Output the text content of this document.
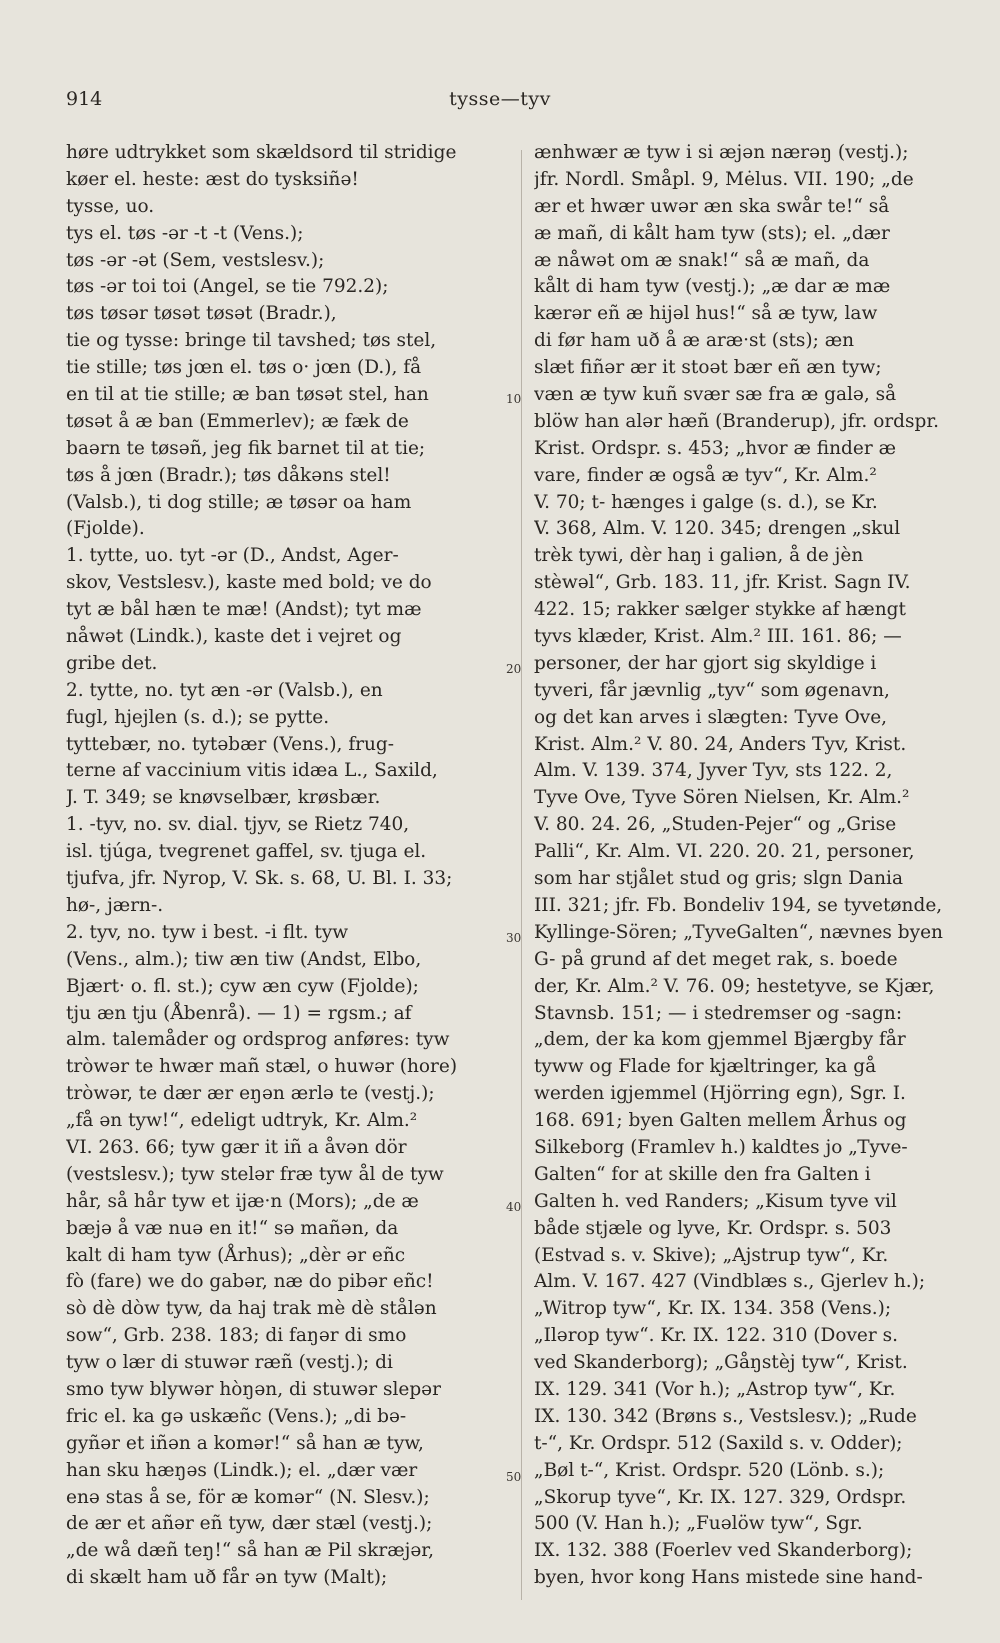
914	tysse—tyv
10
20
30
40
50
høre udtrykket som skældsord til stridige
køer el. heste: æst do tysksiñə!
tysse, uo.
tys el. tøs -ər -t -t (Vens.);
tøs -ər -ət (Sem, vestslesv.);
tøs -ər toi toi (Angel, se tie 792.2);
tøs tøsər tøsət tøsət (Bradr.),
tie og tysse: bringe til tavshed; tøs stel,
tie stille; tøs jœn el. tøs o· jœn (D.), få
en til at tie stille; æ ban tøsət stel, han
tøsət å æ ban (Emmerlev); æ fæk de
baərn te tøsəñ, jeg fik barnet til at tie;
tøs å jœn (Bradr.); tøs dåkəns stel!
(Valsb.), ti dog stille; æ tøsər oa ham
(Fjolde).
1. tytte, uo. tyt -ər (D., Andst, Ager-
skov, Vestslesv.), kaste med bold; ve do
tyt æ bål hæn te mæ! (Andst); tyt mæ
nåwət (Lindk.), kaste det i vejret og
gribe det.
2. tytte, no. tyt æn -ər (Valsb.), en
fugl, hjejlen (s. d.); se pytte.
tyttebær, no. tytəbær (Vens.), frug-
terne af vaccinium vitis idæa L., Saxild,
J. T. 349; se knøvselbær, krøsbær.
1. -tyv, no. sv. dial. tjyv, se Rietz 740,
isl. tjúga, tvegrenet gaffel, sv. tjuga el.
tjufva, jfr. Nyrop, V. Sk. s. 68, U. Bl. I. 33;
hø-, jærn-.
2. tyv, no. tyw i best. -i flt. tyw
(Vens., alm.); tiw æn tiw (Andst, Elbo,
Bjært· o. fl. st.); cyw æn cyw (Fjolde);
tju æn tju (Åbenrå). — 1) = rgsm.; af
alm. talemåder og ordsprog anføres: tyw
tròwər te hwær mañ stæl, o huwər (hore)
tròwər, te dær ær eŋən ærlə te (vestj.);
„få ən tyw!“, edeligt udtryk, Kr. Alm.²
VI. 263. 66; tyw gær it iñ a åvən dör
(vestslesv.); tyw stelər fræ tyw ål de tyw
hår, så hår tyw et ijæ·n (Mors); „de æ
bæjə å væ nuə en it!“ sə mañən, da
kalt di ham tyw (Århus); „dèr ər eñc
fò (fare) we do gabər, næ do pibər eñc!
sò dè dòw tyw, da haj trak mè dè stålən
sow“, Grb. 238. 183; di faŋər di smo
tyw o lær di stuwər ræñ (vestj.); di
smo tyw blywər hòŋən, di stuwər slepər
fric el. ka gə uskæñc (Vens.); „di bə-
gyñər et iñən a komər!“ så han æ tyw,
han sku hæŋəs (Lindk.); el. „dær vær
enə stas å se, för æ komər“ (N. Slesv.);
de ær et añər eñ tyw, dær stæl (vestj.);
„de wå dæñ teŋ!“ så han æ Pil skræjər,
di skælt ham uð får ən tyw (Malt);
ænhwær æ tyw i si æjən nærəŋ (vestj.);
jfr. Nordl. Småpl. 9, Mėlus. VII. 190; „de
ær et hwær uwər æn ska swår te!“ så
æ mañ, di kålt ham tyw (sts); el. „dær
æ nåwət om æ snak!“ så æ mañ, da
kålt di ham tyw (vestj.); „æ dar æ mæ
kærər eñ æ hijəl hus!“ så æ tyw, law
di før ham uð å æ aræ·st (sts); æn
slæt fiñər ær it stoət bær eñ æn tyw;
væn æ tyw kuñ svær sæ fra æ galə, så
blöw han alər hæñ (Branderup), jfr. ordspr.
Krist. Ordspr. s. 453; „hvor æ finder æ
vare, finder æ også æ tyv“, Kr. Alm.²
V. 70; t- hænges i galge (s. d.), se Kr.
V. 368, Alm. V. 120. 345; drengen „skul
trèk tywi, dèr haŋ i galiən, å de jèn
stèwəl“, Grb. 183. 11, jfr. Krist. Sagn IV.
422. 15; rakker sælger stykke af hængt
tyvs klæder, Krist. Alm.² III. 161. 86; —
personer, der har gjort sig skyldige i
tyveri, får jævnlig „tyv“ som øgenavn,
og det kan arves i slægten: Tyve Ove,
Krist. Alm.² V. 80. 24, Anders Tyv, Krist.
Alm. V. 139. 374, Jyver Tyv, sts 122. 2,
Tyve Ove, Tyve Sören Nielsen, Kr. Alm.²
V. 80. 24. 26, „Studen-Pejer“ og „Grise
Palli“, Kr. Alm. VI. 220. 20. 21, personer,
som har stjålet stud og gris; slgn Dania
III. 321; jfr. Fb. Bondeliv 194, se tyvetønde,
Kyllinge-Sören; „TyveGalten“, nævnes byen
G- på grund af det meget rak, s. boede
der, Kr. Alm.² V. 76. 09; hestetyve, se Kjær,
Stavnsb. 151; — i stedremser og -sagn:
„dem, der ka kom gjemmel Bjærgby får
tyww og Flade for kjæltringer, ka gå
werden igjemmel (Hjörring egn), Sgr. I.
168. 691; byen Galten mellem Århus og
Silkeborg (Framlev h.) kaldtes jo „Tyve-
Galten“ for at skille den fra Galten i
Galten h. ved Randers; „Kisum tyve vil
både stjæle og lyve, Kr. Ordspr. s. 503
(Estvad s. v. Skive); „Ajstrup tyw“, Kr.
Alm. V. 167. 427 (Vindblæs s., Gjerlev h.);
„Witrop tyw“, Kr. IX. 134. 358 (Vens.);
„Ilərop tyw“. Kr. IX. 122. 310 (Dover s.
ved Skanderborg); „Gåŋstèj tyw“, Krist.
IX. 129. 341 (Vor h.); „Astrop tyw“, Kr.
IX. 130. 342 (Brøns s., Vestslesv.); „Rude
t-“, Kr. Ordspr. 512 (Saxild s. v. Odder);
„Bøl t-“, Krist. Ordspr. 520 (Lönb. s.);
„Skorup tyve“, Kr. IX. 127. 329, Ordspr.
500 (V. Han h.); „Fuəlöw tyw“, Sgr.
IX. 132. 388 (Foerlev ved Skanderborg);
byen, hvor kong Hans mistede sine hand-
